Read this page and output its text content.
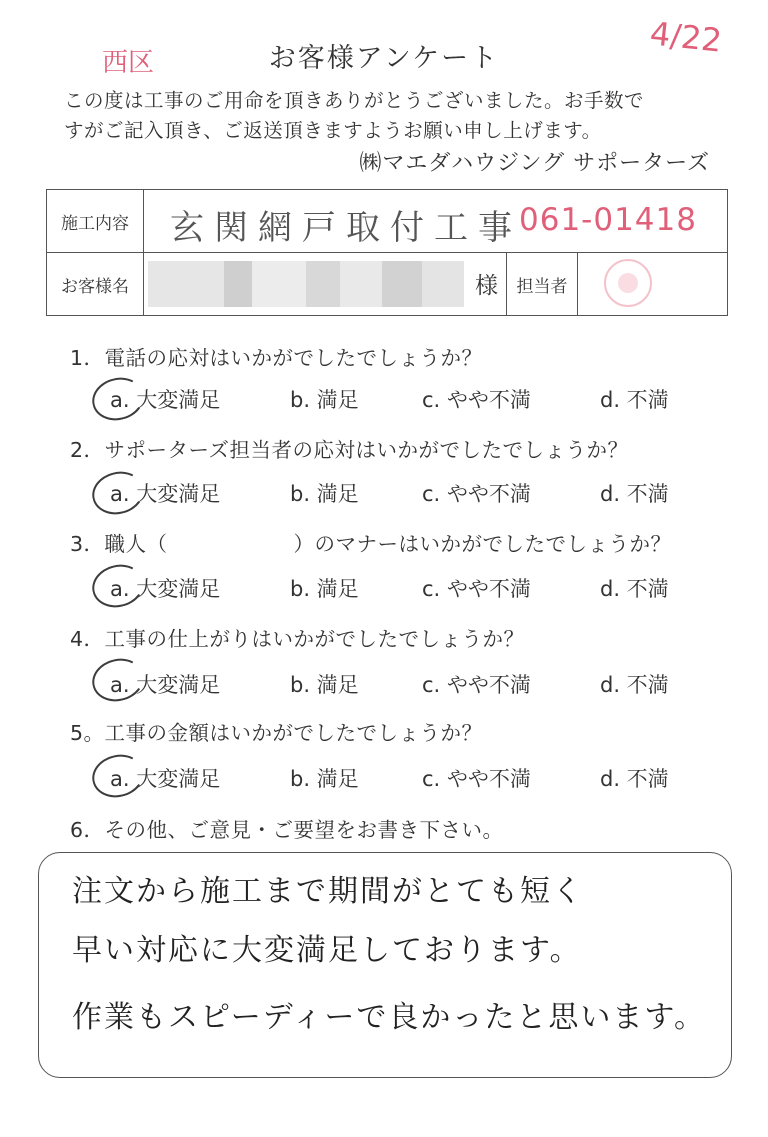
西区	お客様アンケート	4/22
この度は工事のご用命を頂きありがとうございました。お手数で
すがご記入頂き、ご返送頂きますようお願い申し上げます。
㈱マエダハウジング サポーターズ
施工内容	玄関網戸取付工事
061-01418		

お客様名	様	担当者	
1．電話の応対はいかがでしたでしょうか？
a. 大変満足	b. 満足	c. やや不満	d. 不満
2．サポーターズ担当者の応対はいかがでしたでしょうか？
a. 大変満足	b. 満足	c. やや不満	d. 不満
3．職人（　　　　　　）のマナーはいかがでしたでしょうか？
a. 大変満足	b. 満足	c. やや不満	d. 不満
4．工事の仕上がりはいかがでしたでしょうか？
a. 大変満足	b. 満足	c. やや不満	d. 不満
5。工事の金額はいかがでしたでしょうか？
a. 大変満足	b. 満足	c. やや不満	d. 不満
6．その他、ご意見・ご要望をお書き下さい。
注文から施工まで期間がとても短く
早い対応に大変満足しております。
作業もスピーディーで良かったと思います。
